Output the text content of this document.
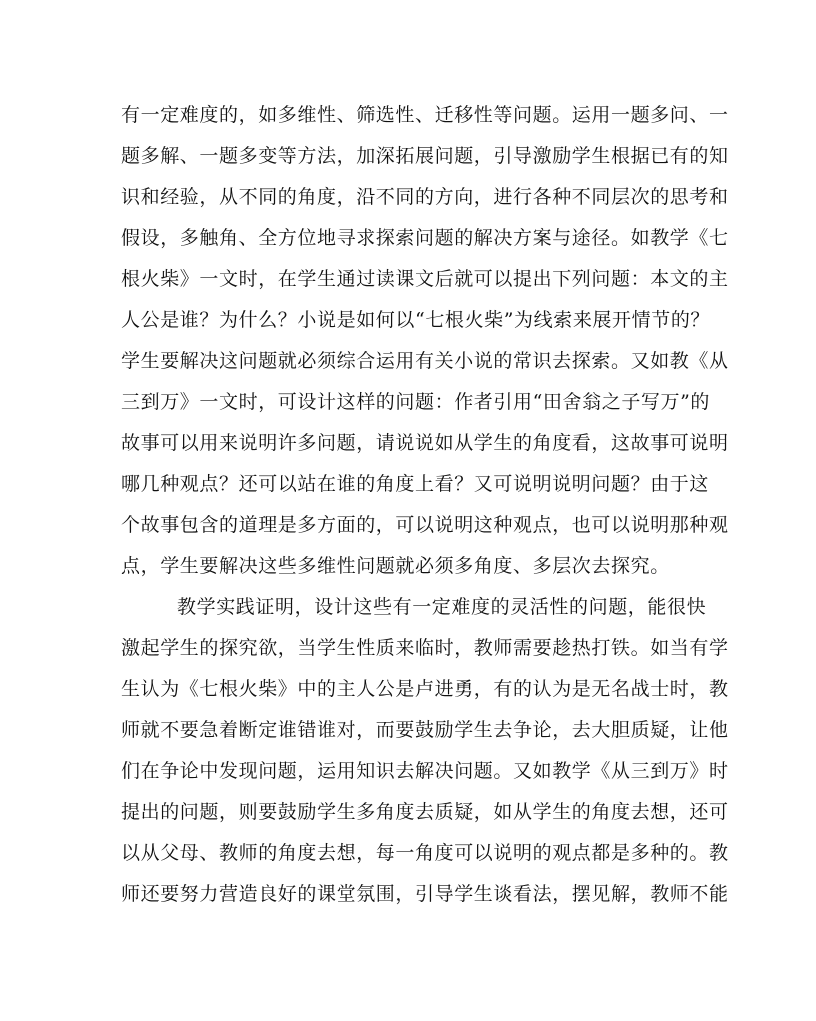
有一定难度的，如多维性、筛选性、迁移性等问题。运用一题多问、一
题多解、一题多变等方法，加深拓展问题，引导激励学生根据已有的知
识和经验，从不同的角度，沿不同的方向，进行各种不同层次的思考和
假设，多触角、全方位地寻求探索问题的解决方案与途径。如教学《七
根火柴》一文时，在学生通过读课文后就可以提出下列问题：本文的主
人公是谁？为什么？小说是如何以“七根火柴”为线索来展开情节的？
学生要解决这问题就必须综合运用有关小说的常识去探索。又如教《从
三到万》一文时，可设计这样的问题：作者引用“田舍翁之子写万”的
故事可以用来说明许多问题，请说说如从学生的角度看，这故事可说明
哪几种观点？还可以站在谁的角度上看？又可说明说明问题？由于这
个故事包含的道理是多方面的，可以说明这种观点，也可以说明那种观
点，学生要解决这些多维性问题就必须多角度、多层次去探究。
教学实践证明，设计这些有一定难度的灵活性的问题，能很快
激起学生的探究欲，当学生性质来临时，教师需要趁热打铁。如当有学
生认为《七根火柴》中的主人公是卢进勇，有的认为是无名战士时，教
师就不要急着断定谁错谁对，而要鼓励学生去争论，去大胆质疑，让他
们在争论中发现问题，运用知识去解决问题。又如教学《从三到万》时
提出的问题，则要鼓励学生多角度去质疑，如从学生的角度去想，还可
以从父母、教师的角度去想，每一角度可以说明的观点都是多种的。教
师还要努力营造良好的课堂氛围，引导学生谈看法，摆见解，教师不能
